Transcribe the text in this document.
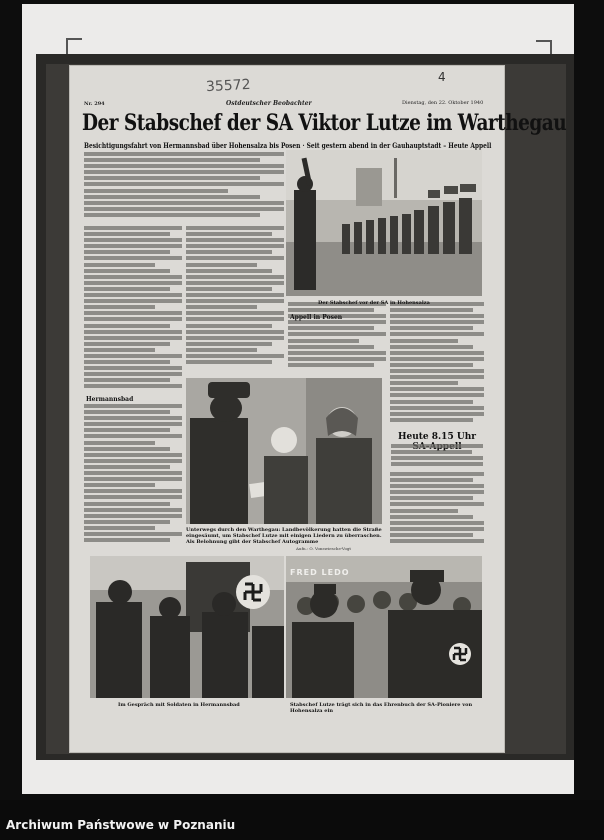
4
35572
Nr. 294	Ostdeutscher Beobachter	Dienstag, den 22. Oktober 1940
Der Stabschef der SA Viktor Lutze im Warthegau
Besichtigungsfahrt von Hermannsbad über Hohensalza bis Posen · Seit gestern abend in der Gauhauptstadt – Heute Appell
Hermannsbad
Appell in Posen
Heute 8.15 Uhr
Der Stabschef vor der SA in Hohensalza
Unterwegs durch den Warthegau: Landbevölkerung hatten die Straße eingesäumt, um Stabschef Lutze mit einigen Liedern zu überraschen. Als Belohnung gibt der Stabschef Autogramme
Aufn.: O. Vonswiesche-Vogt
Im Gespräch mit Soldaten in Hermannsbad
FRED LEDO
Stabschef Lutze trägt sich in das Ehrenbuch der SA-Pioniere von Hohensalza ein
Archiwum Państwowe w Poznaniu
